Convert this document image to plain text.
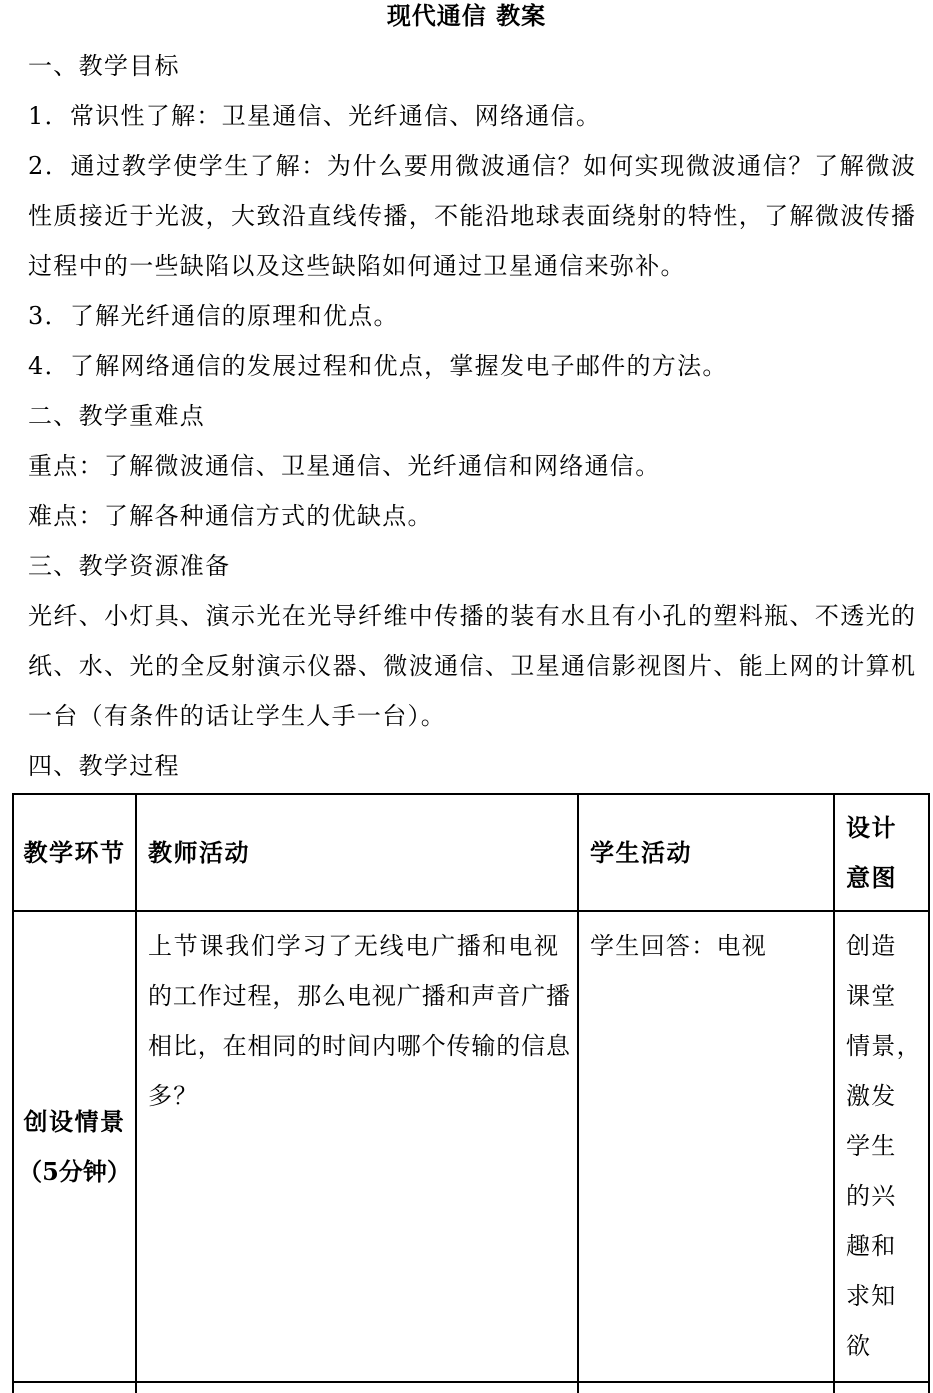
现代通信 教案
一、教学目标
1．常识性了解：卫星通信、光纤通信、网络通信。
2．通过教学使学生了解：为什么要用微波通信？如何实现微波通信？了解微波
性质接近于光波，大致沿直线传播，不能沿地球表面绕射的特性，了解微波传播
过程中的一些缺陷以及这些缺陷如何通过卫星通信来弥补。
3．了解光纤通信的原理和优点。
4．了解网络通信的发展过程和优点，掌握发电子邮件的方法。
二、教学重难点
重点：了解微波通信、卫星通信、光纤通信和网络通信。
难点：了解各种通信方式的优缺点。
三、教学资源准备
光纤、小灯具、演示光在光导纤维中传播的装有水且有小孔的塑料瓶、不透光的
纸、水、光的全反射演示仪器、微波通信、卫星通信影视图片、能上网的计算机
一台（有条件的话让学生人手一台）。
四、教学过程
教学环节 教师活动	学生活动
设计意图
创设情景
（5分钟）
上节课我们学习了无线电广播和电视
的工作过程，那么电视广播和声音广播
相比，在相同的时间内哪个传输的信息
多？
学生回答：电视	创造
课堂
情景，
激发
学生
的兴
趣和
求知
欲
